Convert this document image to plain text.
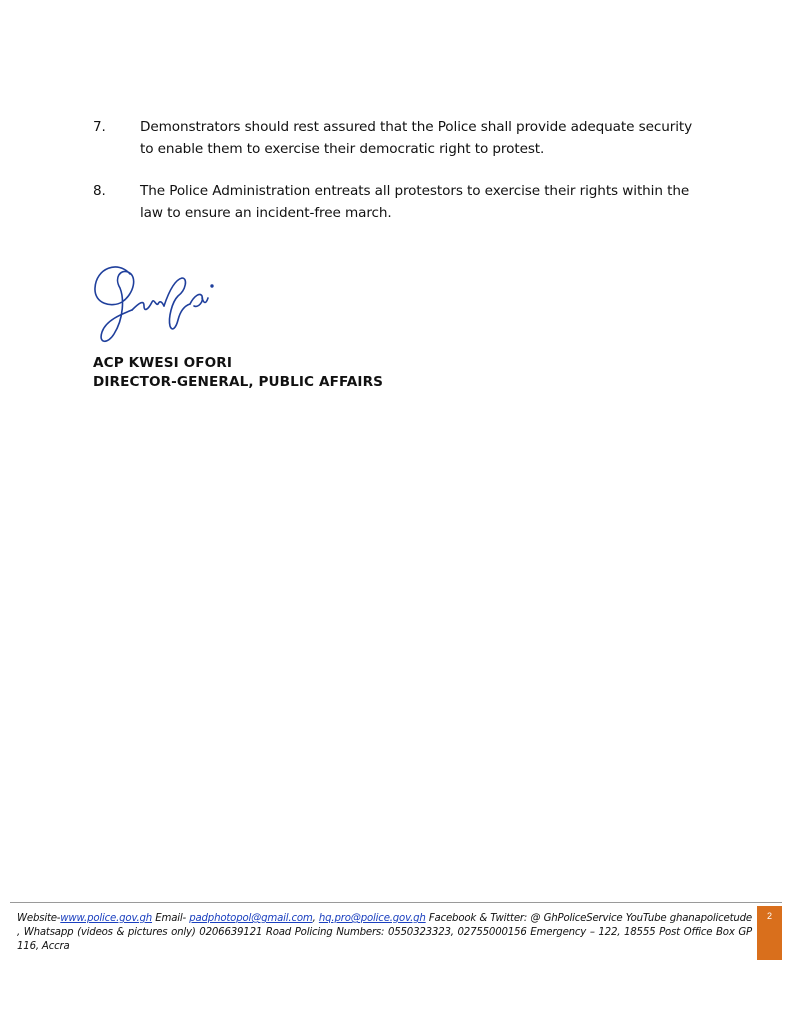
7.	Demonstrators should rest assured that the Police shall provide adequate security
to enable them to exercise their democratic right to protest.
8.	The Police Administration entreats all protestors to exercise their rights within the
law to ensure an incident-free march.
ACP KWESI OFORI
DIRECTOR-GENERAL, PUBLIC AFFAIRS
Website-www.police.gov.gh Email- padphotopol@gmail.com, hq.pro@police.gov.gh Facebook & Twitter: @ GhPoliceService YouTube ghanapolicetude , Whatsapp (videos & pictures only) 0206639121 Road Policing Numbers: 0550323323, 02755000156 Emergency – 122, 18555 Post Office Box GP 116, Accra
2
